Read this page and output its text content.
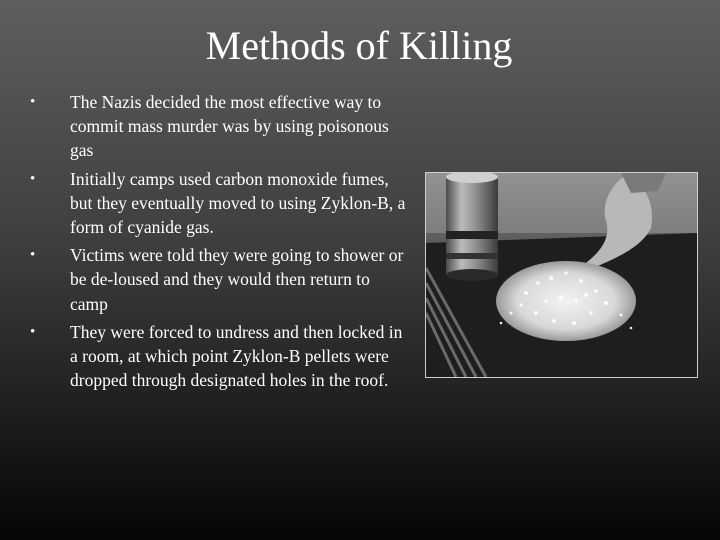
Methods of Killing
•	The Nazis decided the most effective way to commit mass murder was by using poisonous gas
•	Initially camps used carbon monoxide fumes, but they eventually moved to using Zyklon-B, a form of cyanide gas.
•	Victims were told they were going to shower or be de-loused and they would then return to camp
•	They were forced to undress and then locked in a room, at which point Zyklon-B pellets were dropped through designated holes in the roof.
